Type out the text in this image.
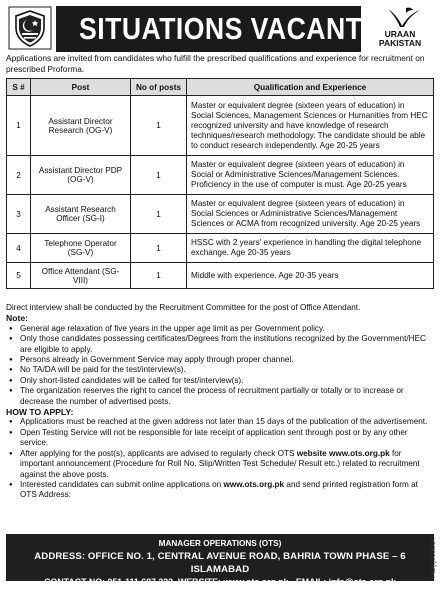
SITUATIONS VACANT	URAAN
PAKISTAN
Applications are invited from candidates who fulfill the prescribed qualifications and experience for recruitment on prescribed Proforma.
S #	Post	No of posts	Qualification and Experience
1	Assistant Director Research (OG-V)	1	Master or equivalent degree (sixteen years of education) in Social Sciences, Management Sciences or Humanities from HEC recognized university and have knowledge of research techniques/research methodology. The candidate should be able to conduct research independently. Age 20-25 years
2	Assistant Director PDP (OG-V)	1	Master or equivalent degree (sixteen years of education) in Social or Administrative Sciences/Management Sciences. Proficiency in the use of computer is must. Age 20-25 years
3	Assistant Research Officer (SG-I)	1	Master or equivalent degree (sixteen years of education) in Social Sciences or Administrative Sciences/Management Sciences or ACMA from recognized university. Age 20-25 years
4	Telephone Operator (SG-V)	1	HSSC with 2 years' experience in handling the digital telephone exchange. Age 20-35 years
5	Office Attendant (SG-VIII)	1	Middle with experience. Age 20-35 years

Direct interview shall be conducted by the Recruitment Committee for the post of Office Attendant.

Note:

● General age relaxation of five years in the upper age limit as per Government policy.
● Only those candidates possessing certificates/Degrees from the institutions recognized by the Government/HEC are eligible to apply.
● Persons already in Government Service may apply through proper channel.
● No TA/DA will be paid for the test/interview(s).
● Only short-listed candidates will be called for test/interview(s).
● The organization reserves the right to cancel the process of recruitment partially or totally or to increase or decrease the number of advertised posts.

HOW TO APPLY:

● Applications must be reached at the given address not later than 15 days of the publication of the advertisement.
● Open Testing Service will not be responsible for late receipt of application sent through post or by any other service.
● After applying for the post(s), applicants are advised to regularly check OTS website www.ots.org.pk for important announcement (Procedure for Roll No. Slip/Written Test Schedule/ Result etc.) related to recruitment against the above posts.
● Interested candidates can submit online applications on www.ots.org.pk and send printed registration form at OTS Address:
MANAGER OPERATIONS (OTS)
ADDRESS: OFFICE NO. 1, CENTRAL AVENUE ROAD, BAHRIA TOWN PHASE – 6 ISLAMABAD
CONTACT NO: 051-111 687 222, WEBSITE: www.ots.org.pk , EMAIL: info@ots.org.pk
PID(I)3105/24
